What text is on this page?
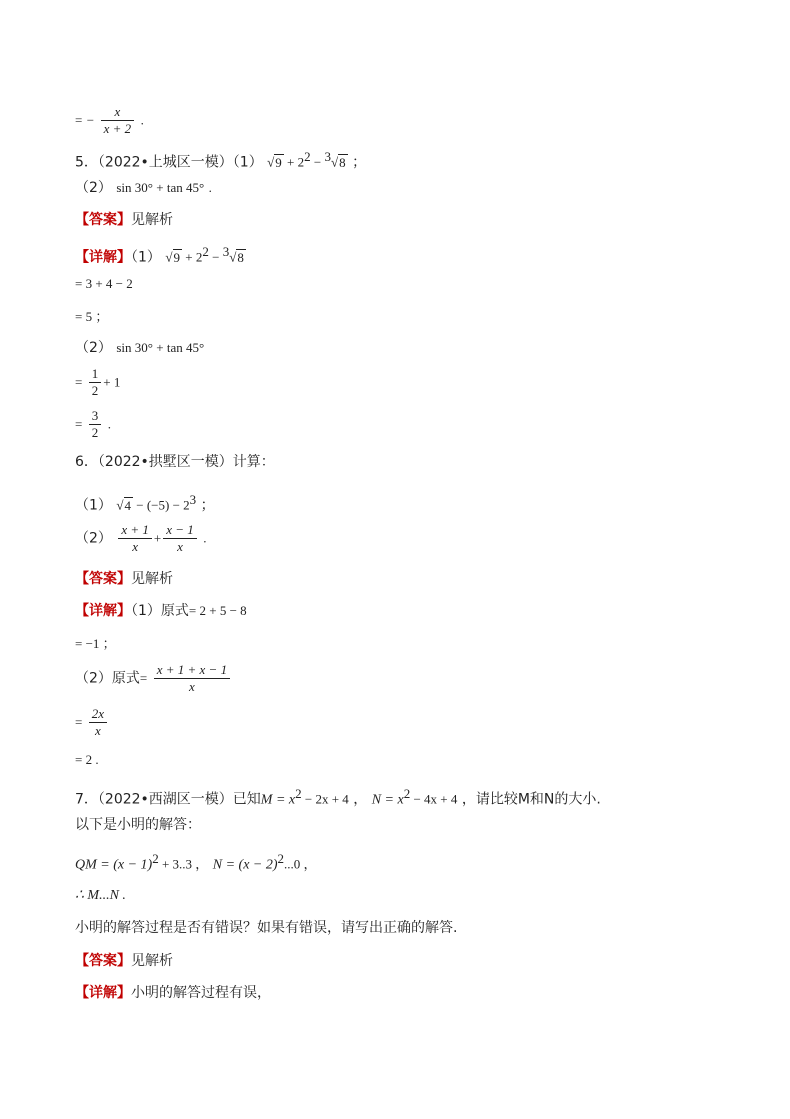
= − $\frac{x}{x + 2}$ .
5．（2022•上城区一模）（1） $√9 + 2^2 - ^3√8$ ；
（2） sin 30° + tan 45° .
【答案】见解析
【详解】（1） $√9 + 2^2 - ^3√8$
= 3 + 4 − 2
= 5 ；
（2） sin 30° + tan 45°
= $\frac{1}{2} + 1$
= $\frac{3}{2}$ .
6．（2022•拱墅区一模）计算：
（1） $√4 - (-5) - 2^3$ ；
$(2) \frac{x + 1}{x} + \frac{x - 1}{x}$ .
【答案】见解析
【详解】（1）原式= 2 + 5 − 8
= −1 ；
（2）原式= $\frac{x + 1 + x - 1}{x}$
= $\frac{2x}{x}$
= 2 .
7．（2022•西湖区一模）已知$M = x^2 - 2x + 4$ ， $N = x^2 - 4x + 4$ ，请比较M和N的大小.
以下是小明的解答：
QM = $(x - 1)^2 + 3..3$ ， $N = (x - 2)^2...0$ ，
∴ M...N .
小明的解答过程是否有错误？如果有错误，请写出正确的解答.
【答案】见解析
【详解】小明的解答过程有误，
